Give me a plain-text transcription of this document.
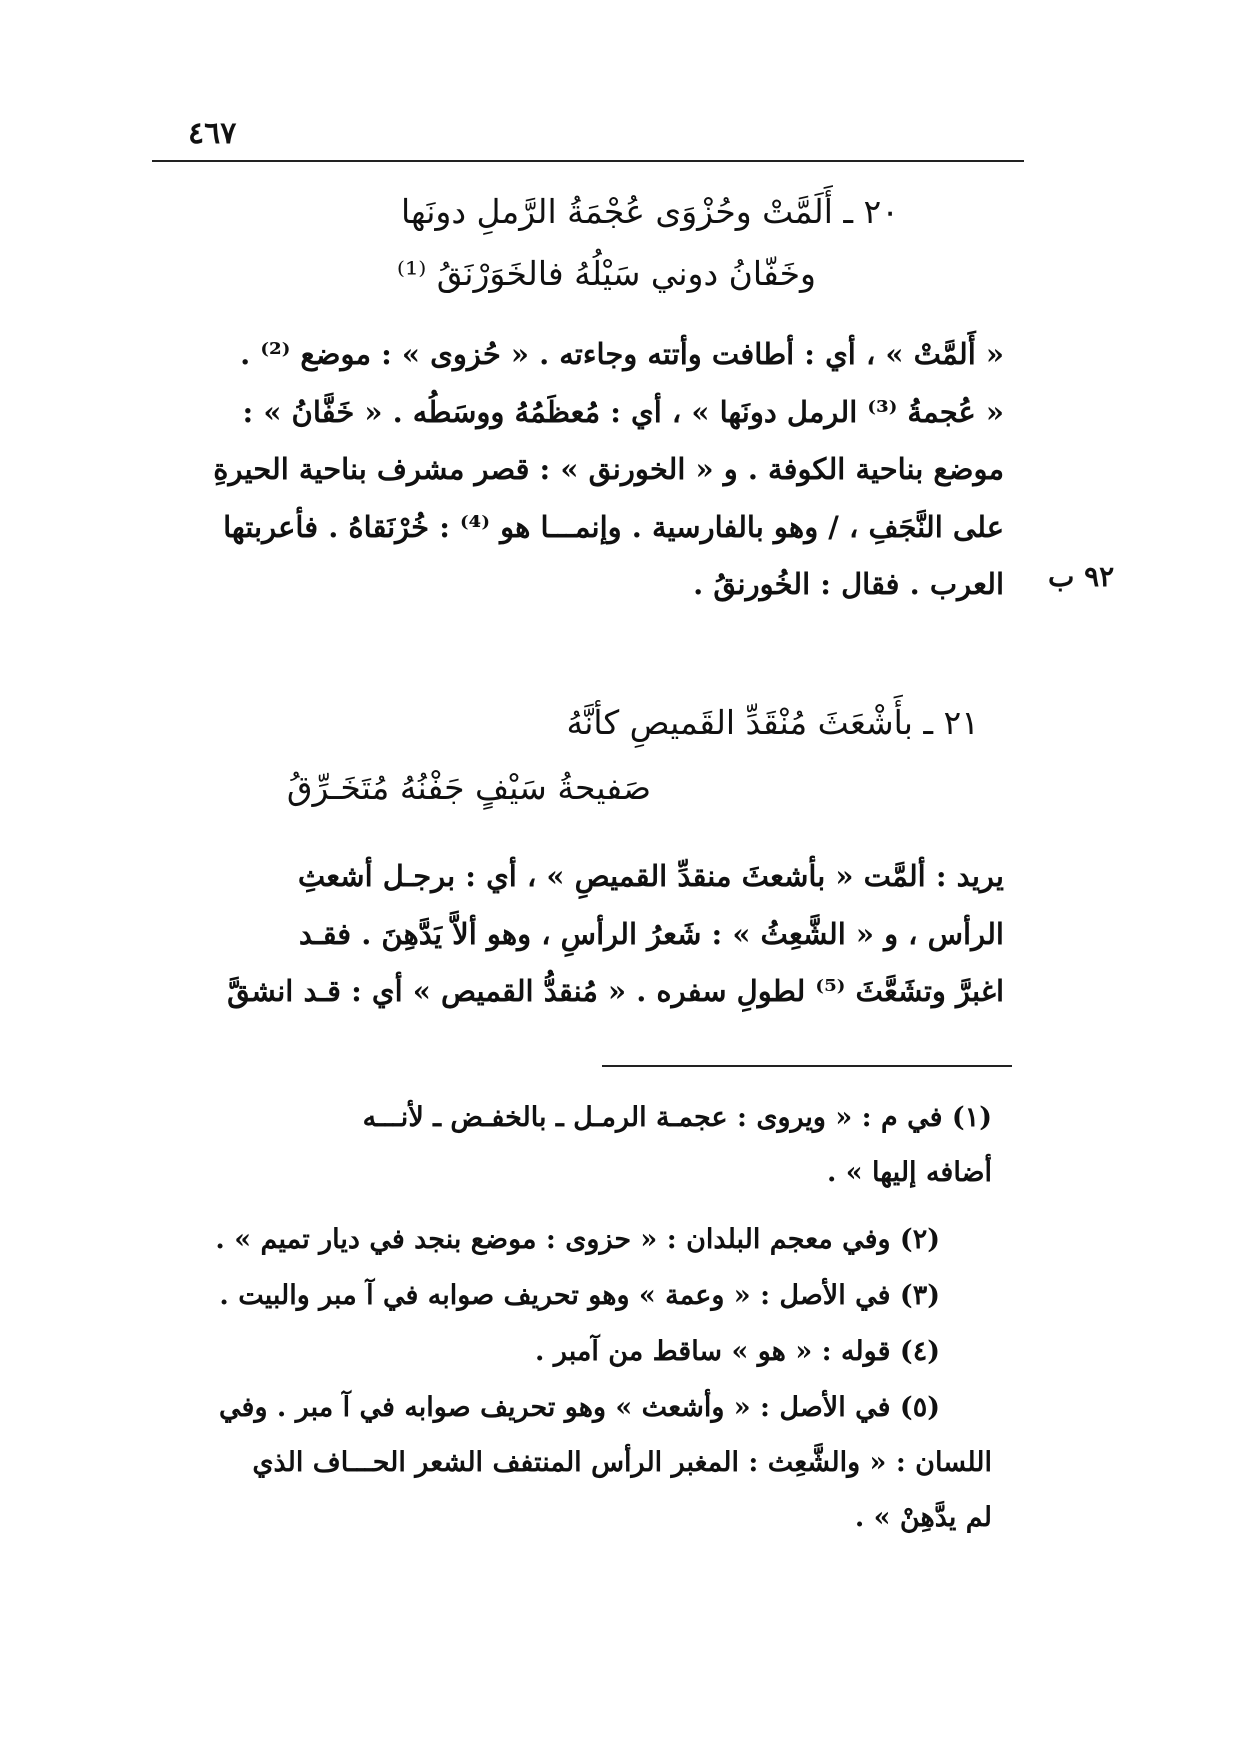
٤٦٧
٢٠ ـ أَلَمَّتْ وحُزْوَى عُجْمَةُ الرَّملِ دونَها
وخَفّانُ دوني سَيْلُهُ فالخَوَرْنَقُ ⁽¹⁾

« أَلمَّتْ » ، أي : أطافت وأتته وجاءته . « حُزوى » : موضع ⁽²⁾ .

« عُجمةُ ⁽³⁾ الرمل دونَها » ، أي : مُعظَمُهُ ووسَطُه . « خَفَّانُ » :

موضع بناحية الكوفة . و « الخورنق » : قصر مشرف بناحية الحيرةِ

على النَّجَفِ ، / وهو بالفارسية . وإنمـــا هو ⁽⁴⁾ : خُرْنَقاهُ . فأعربتها

العرب . فقال : الخُورنقُ . ٩٢ ب
٢١ ـ بأَشْعَثَ مُنْقَدِّ القَميصِ كأنَّهُ
صَفيحةُ سَيْفٍ جَفْنُهُ مُتَخَـرِّقُ

يريد : ألمَّت « بأشعثَ منقدِّ القميصِ » ، أي : برجـل أشعثِ

الرأس ، و « الشَّعِثُ » : شَعرُ الرأسِ ، وهو ألاَّ يَدَّهِنَ . فقـد

اغبرَّ وتشَعَّثَ ⁽⁵⁾ لطولِ سفره . « مُنقدُّ القميص » أي : قـد انشقَّ

(١) في م : « ويروى : عجمـة الرمـل ـ بالخفـض ـ لأنـــه
أضافه إليها » .
(٢) وفي معجم البلدان : « حزوى : موضع بنجد في ديار تميم » .
(٣) في الأصل : « وعمة » وهو تحريف صوابه في آ مبر والبيت .
(٤) قوله : « هو » ساقط من آمبر .
(٥) في الأصل : « وأشعث » وهو تحريف صوابه في آ مبر . وفي
اللسان : « والشَّعِث : المغبر الرأس المنتفف الشعر الحـــاف الذي
لم يدَّهِنْ » .
